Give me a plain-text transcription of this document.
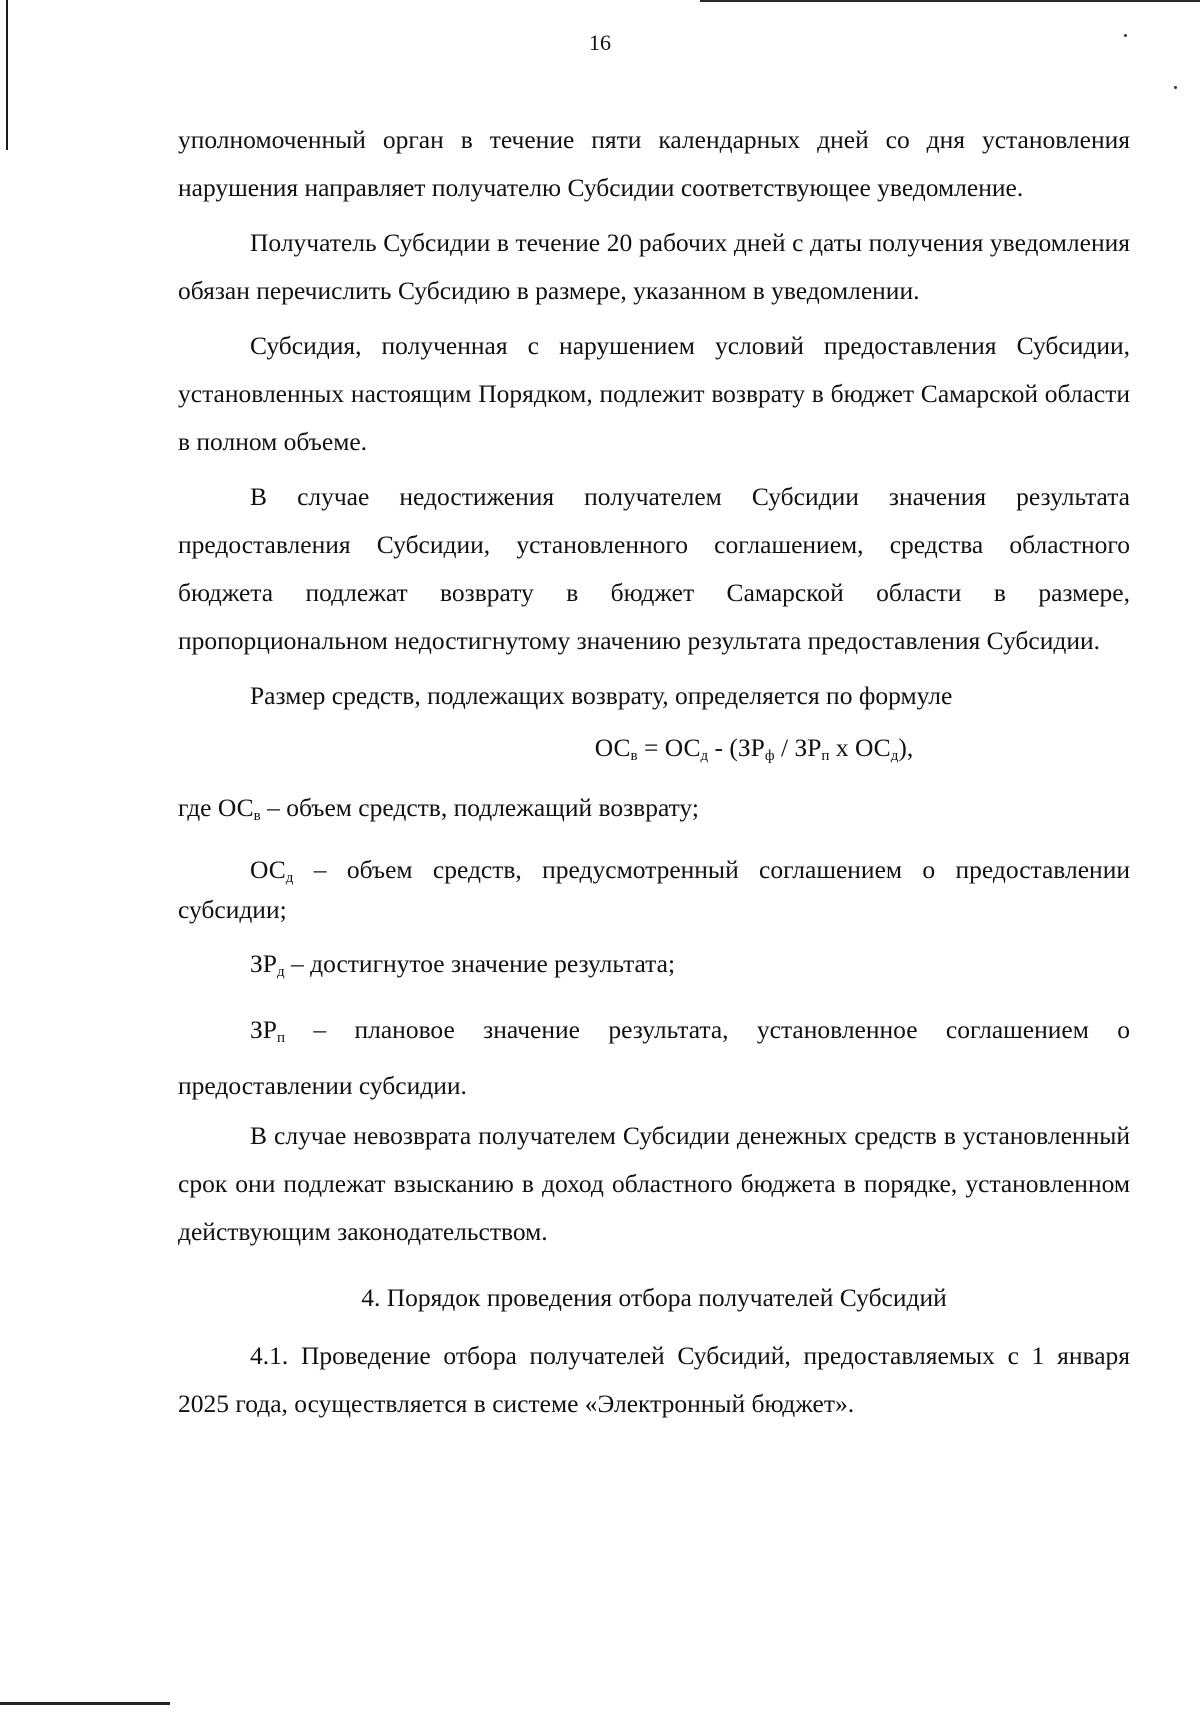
16

уполномоченный орган в течение пяти календарных дней со дня установления нарушения направляет получателю Субсидии соответствующее уведомление.

Получатель Субсидии в течение 20 рабочих дней с даты получения уведомления обязан перечислить Субсидию в размере, указанном в уведомлении.

Субсидия, полученная с нарушением условий предоставления Субсидии, установленных настоящим Порядком, подлежит возврату в бюджет Самарской области в полном объеме.

В случае недостижения получателем Субсидии значения результата предоставления Субсидии, установленного соглашением, средства областного бюджета подлежат возврату в бюджет Самарской области в размере, пропорциональном недостигнутому значению результата предоставления Субсидии.

Размер средств, подлежащих возврату, определяется по формуле

$ОС_в = ОС_д - (ЗР_ф / ЗР_п$ х $ОС_д$),

где $ОС_в$ – объем средств, подлежащий возврату;

$ОС_д$ – объем средств, предусмотренный соглашением о предоставлении субсидии;

$ЗР_д$ – достигнутое значение результата;

$ЗР_п$ – плановое значение результата, установленное соглашением о предоставлении субсидии.

В случае невозврата получателем Субсидии денежных средств в установленный срок они подлежат взысканию в доход областного бюджета в порядке, установленном действующим законодательством.

4. Порядок проведения отбора получателей Субсидий

4.1. Проведение отбора получателей Субсидий, предоставляемых с 1 января 2025 года, осуществляется в системе «Электронный бюджет».
